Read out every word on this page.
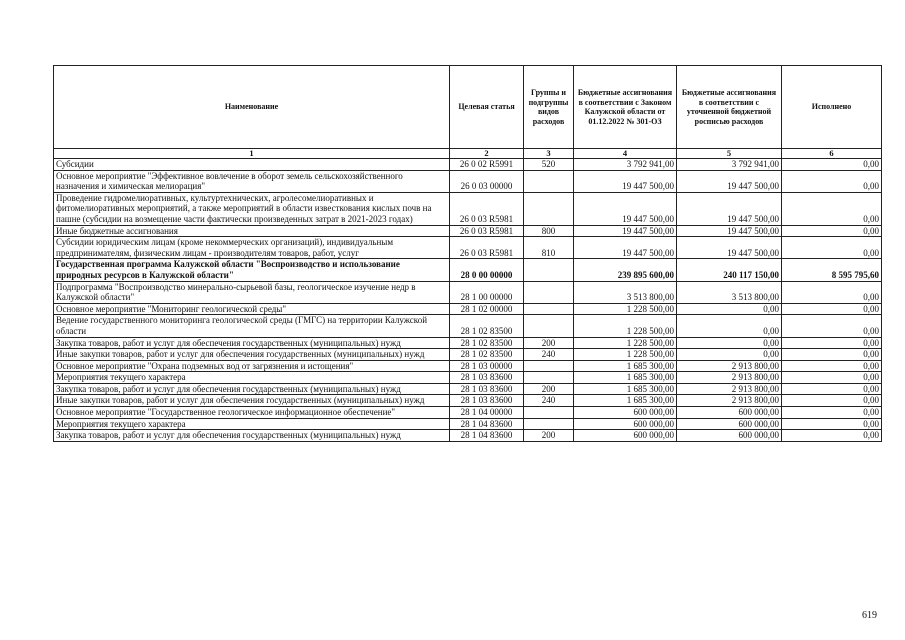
Наименование	Целевая статья	Группы и подгруппы видов расходов	Бюджетные ассигнования в соответствии с Законом Калужской области от 01.12.2022 № 301-ОЗ	Бюджетные ассигнования в соответствии с уточненной бюджетной росписью расходов	Исполнено
1	2	3	4	5	6
Субсидии	26 0 02 R5991	520	3 792 941,00	3 792 941,00	0,00
Основное мероприятие "Эффективное вовлечение в оборот земель сельскохозяйственного назначения и химическая мелиорация"	26 0 03 00000		19 447 500,00	19 447 500,00	0,00
Проведение гидромелиоративных, культуртехнических, агролесомелиоративных и фитомелиоративных мероприятий, а также мероприятий в области известкования кислых почв на пашне (субсидии на возмещение части фактически произведенных затрат в 2021-2023 годах)	26 0 03 R5981		19 447 500,00	19 447 500,00	0,00
Иные бюджетные ассигнования	26 0 03 R5981	800	19 447 500,00	19 447 500,00	0,00
Субсидии юридическим лицам (кроме некоммерческих организаций), индивидуальным предпринимателям, физическим лицам - производителям товаров, работ, услуг	26 0 03 R5981	810	19 447 500,00	19 447 500,00	0,00
Государственная программа Калужской области "Воспроизводство и использование природных ресурсов в Калужской области"	28 0 00 00000		239 895 600,00	240 117 150,00	8 595 795,60
Подпрограмма "Воспроизводство минерально-сырьевой базы, геологическое изучение недр в Калужской области"	28 1 00 00000		3 513 800,00	3 513 800,00	0,00
Основное мероприятие "Мониторинг геологической среды"	28 1 02 00000		1 228 500,00	0,00	0,00
Ведение государственного мониторинга геологической среды (ГМГС) на территории Калужской области	28 1 02 83500		1 228 500,00	0,00	0,00
Закупка товаров, работ и услуг для обеспечения государственных (муниципальных) нужд	28 1 02 83500	200	1 228 500,00	0,00	0,00
Иные закупки товаров, работ и услуг для обеспечения государственных (муниципальных) нужд	28 1 02 83500	240	1 228 500,00	0,00	0,00
Основное мероприятие "Охрана подземных вод от загрязнения и истощения"	28 1 03 00000		1 685 300,00	2 913 800,00	0,00
Мероприятия текущего характера	28 1 03 83600		1 685 300,00	2 913 800,00	0,00
Закупка товаров, работ и услуг для обеспечения государственных (муниципальных) нужд	28 1 03 83600	200	1 685 300,00	2 913 800,00	0,00
Иные закупки товаров, работ и услуг для обеспечения государственных (муниципальных) нужд	28 1 03 83600	240	1 685 300,00	2 913 800,00	0,00
Основное мероприятие "Государственное геологическое информационное обеспечение"	28 1 04 00000		600 000,00	600 000,00	0,00
Мероприятия текущего характера	28 1 04 83600		600 000,00	600 000,00	0,00
Закупка товаров, работ и услуг для обеспечения государственных (муниципальных) нужд	28 1 04 83600	200	600 000,00	600 000,00	0,00
619
